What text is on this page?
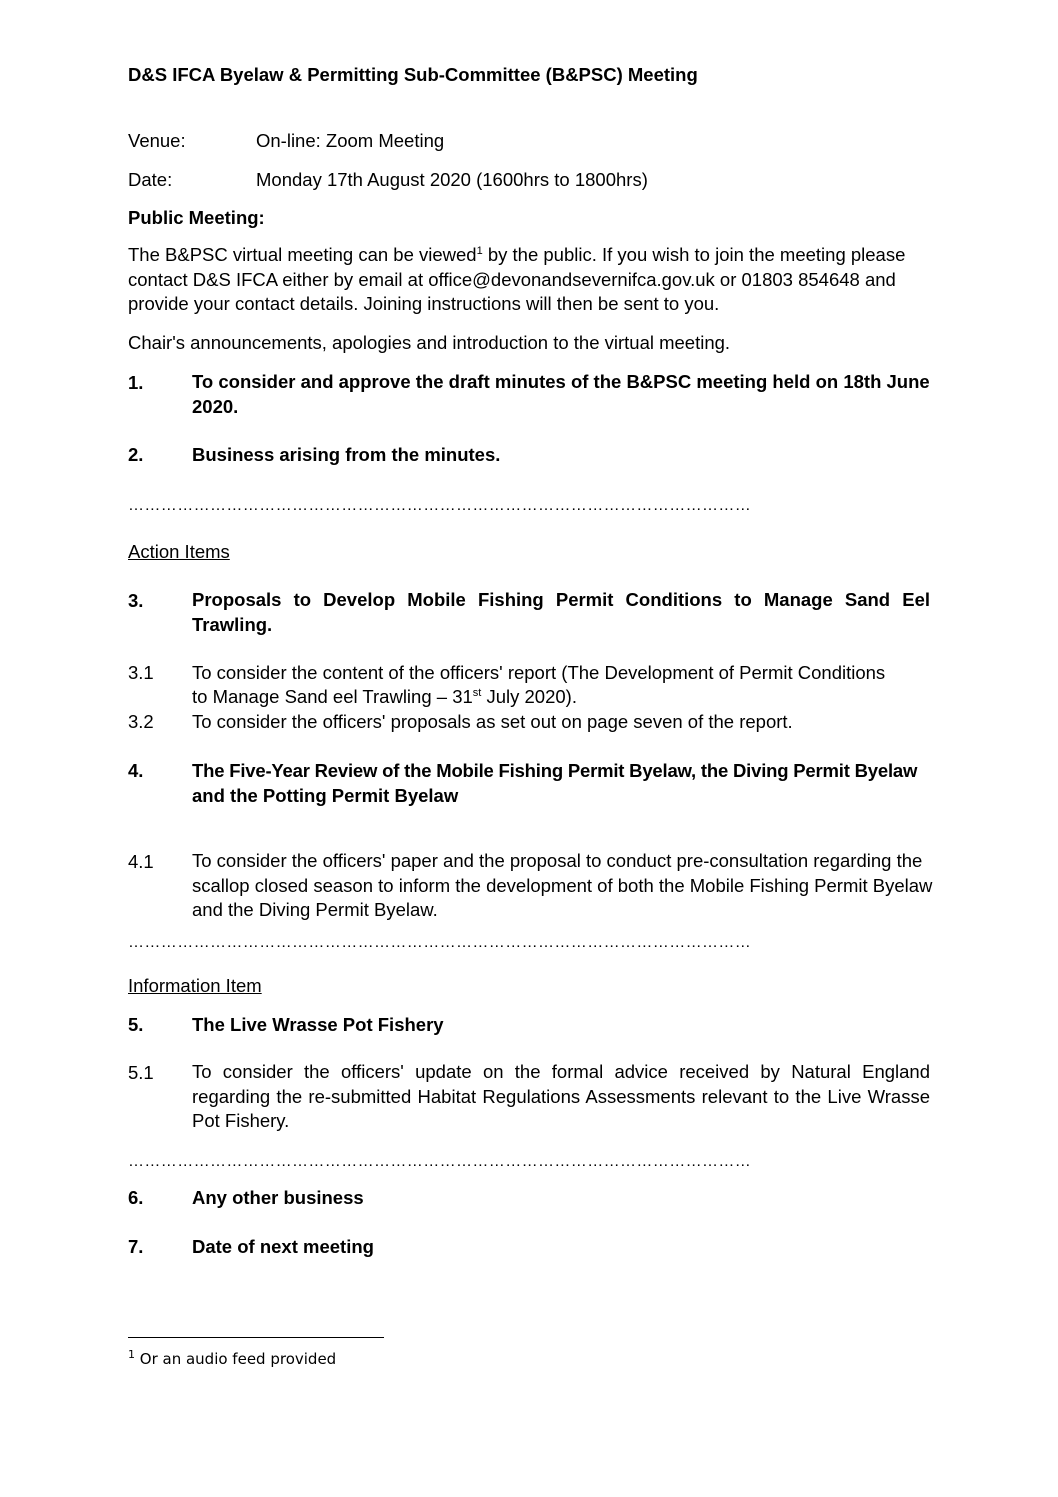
D&S IFCA Byelaw & Permitting Sub-Committee (B&PSC) Meeting
Venue:	On-line: Zoom Meeting
Date:	Monday 17th August 2020 (1600hrs to 1800hrs)
Public Meeting:
The B&PSC virtual meeting can be viewed$^1$ by the public. If you wish to join the meeting please contact D&S IFCA either by email at office@devonandsevernifca.gov.uk or 01803 854648 and provide your contact details. Joining instructions will then be sent to you.
Chair's announcements, apologies and introduction to the virtual meeting.
1.	To consider and approve the draft minutes of the B&PSC meeting held on 18th June 2020.
2.	Business arising from the minutes.
……………………………………………………………………………………………………
Action Items
3.	Proposals to Develop Mobile Fishing Permit Conditions to Manage Sand Eel Trawling.
3.1 To consider the content of the officers' report (The Development of Permit Conditions
to Manage Sand eel Trawling – 31st July 2020).
3.2 To consider the officers' proposals as set out on page seven of the report.
4.	The Five-Year Review of the Mobile Fishing Permit Byelaw, the Diving Permit Byelaw
and the Potting Permit Byelaw
4.1 To consider the officers' paper and the proposal to conduct pre-consultation regarding the scallop closed season to inform the development of both the Mobile Fishing Permit Byelaw and the Diving Permit Byelaw.
……………………………………………………………………………………………………
Information Item
5.	The Live Wrasse Pot Fishery
5.1 To consider the officers' update on the formal advice received by Natural England regarding the re-submitted Habitat Regulations Assessments relevant to the Live Wrasse Pot Fishery.
……………………………………………………………………………………………………
6.	Any other business
7.	Date of next meeting
$^1$ Or an audio feed provided
